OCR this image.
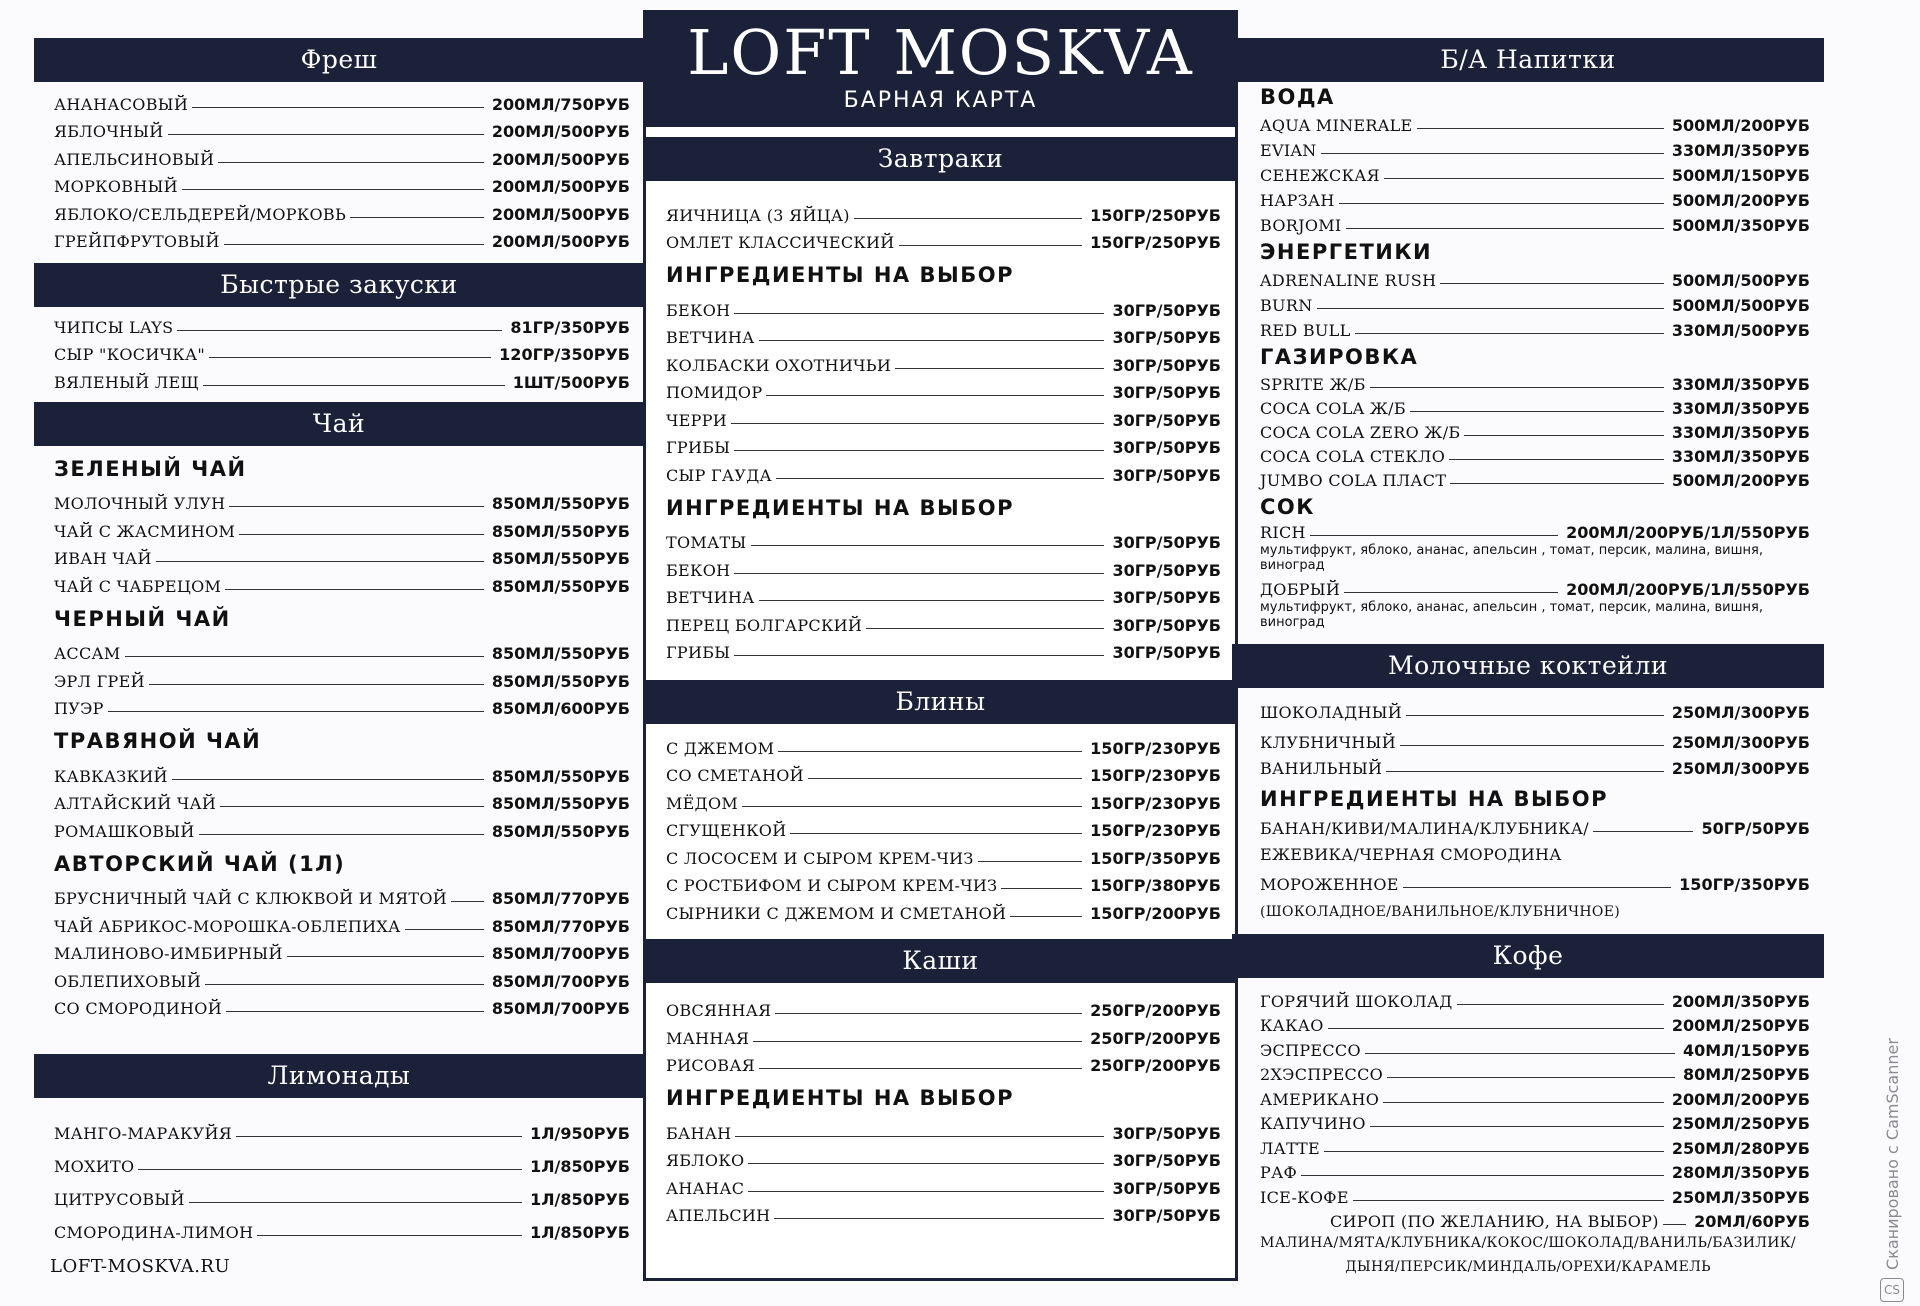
Фреш
АНАНАСОВЫЙ	200МЛ/750РУБ
ЯБЛОЧНЫЙ	200МЛ/500РУБ
АПЕЛЬСИНОВЫЙ	200МЛ/500РУБ
МОРКОВНЫЙ	200МЛ/500РУБ
ЯБЛОКО/СЕЛЬДЕРЕЙ/МОРКОВЬ	200МЛ/500РУБ
ГРЕЙПФРУТОВЫЙ	200МЛ/500РУБ
Быстрые закуски
ЧИПСЫ LAYS	81ГР/350РУБ
СЫР "КОСИЧКА"	120ГР/350РУБ
ВЯЛЕНЫЙ ЛЕЩ	1ШТ/500РУБ
Чай
ЗЕЛЕНЫЙ ЧАЙ
МОЛОЧНЫЙ УЛУН	850МЛ/550РУБ
ЧАЙ С ЖАСМИНОМ	850МЛ/550РУБ
ИВАН ЧАЙ	850МЛ/550РУБ
ЧАЙ С ЧАБРЕЦОМ	850МЛ/550РУБ
ЧЕРНЫЙ ЧАЙ
АССАМ	850МЛ/550РУБ
ЭРЛ ГРЕЙ	850МЛ/550РУБ
ПУЭР	850МЛ/600РУБ
ТРАВЯНОЙ ЧАЙ
КАВКАЗКИЙ	850МЛ/550РУБ
АЛТАЙСКИЙ ЧАЙ	850МЛ/550РУБ
РОМАШКОВЫЙ	850МЛ/550РУБ
АВТОРСКИЙ ЧАЙ (1Л)
БРУСНИЧНЫЙ ЧАЙ С КЛЮКВОЙ И МЯТОЙ	850МЛ/770РУБ
ЧАЙ АБРИКОС-МОРОШКА-ОБЛЕПИХА	850МЛ/770РУБ
МАЛИНОВО-ИМБИРНЫЙ	850МЛ/700РУБ
ОБЛЕПИХОВЫЙ	850МЛ/700РУБ
СО СМОРОДИНОЙ	850МЛ/700РУБ
Лимонады
МАНГО-МАРАКУЙЯ	1Л/950РУБ
МОХИТО	1Л/850РУБ
ЦИТРУСОВЫЙ	1Л/850РУБ
СМОРОДИНА-ЛИМОН	1Л/850РУБ
LOFT-MOSKVA.RU
LOFT MOSKVA
БАРНАЯ КАРТА
Завтраки
ЯИЧНИЦА (3 ЯЙЦА)	150ГР/250РУБ
ОМЛЕТ КЛАССИЧЕСКИЙ	150ГР/250РУБ
ИНГРЕДИЕНТЫ НА ВЫБОР
БЕКОН	30ГР/50РУБ
ВЕТЧИНА	30ГР/50РУБ
КОЛБАСКИ ОХОТНИЧЬИ	30ГР/50РУБ
ПОМИДОР	30ГР/50РУБ
ЧЕРРИ	30ГР/50РУБ
ГРИБЫ	30ГР/50РУБ
СЫР ГАУДА	30ГР/50РУБ
ИНГРЕДИЕНТЫ НА ВЫБОР
ТОМАТЫ	30ГР/50РУБ
БЕКОН	30ГР/50РУБ
ВЕТЧИНА	30ГР/50РУБ
ПЕРЕЦ БОЛГАРСКИЙ	30ГР/50РУБ
ГРИБЫ	30ГР/50РУБ
Блины
С ДЖЕМОМ	150ГР/230РУБ
СО СМЕТАНОЙ	150ГР/230РУБ
МЁДОМ	150ГР/230РУБ
СГУЩЕНКОЙ	150ГР/230РУБ
С ЛОСОСЕМ И СЫРОМ КРЕМ-ЧИЗ	150ГР/350РУБ
С РОСТБИФОМ И СЫРОМ КРЕМ-ЧИЗ	150ГР/380РУБ
СЫРНИКИ С ДЖЕМОМ И СМЕТАНОЙ	150ГР/200РУБ
Каши
ОВСЯННАЯ	250ГР/200РУБ
МАННАЯ	250ГР/200РУБ
РИСОВАЯ	250ГР/200РУБ
ИНГРЕДИЕНТЫ НА ВЫБОР
БАНАН	30ГР/50РУБ
ЯБЛОКО	30ГР/50РУБ
АНАНАС	30ГР/50РУБ
АПЕЛЬСИН	30ГР/50РУБ
Б/А Напитки
ВОДА
AQUA MINERALE	500МЛ/200РУБ
EVIAN	330МЛ/350РУБ
СЕНЕЖСКАЯ	500МЛ/150РУБ
НАРЗАН	500МЛ/200РУБ
BORJOMI	500МЛ/350РУБ
ЭНЕРГЕТИКИ
ADRENALINE RUSH	500МЛ/500РУБ
BURN	500МЛ/500РУБ
RED BULL	330МЛ/500РУБ
ГАЗИРОВКА
SPRITE Ж/Б	330МЛ/350РУБ
COCA COLA Ж/Б	330МЛ/350РУБ
COCA COLA ZERO Ж/Б	330МЛ/350РУБ
COCA COLA СТЕКЛО	330МЛ/350РУБ
JUMBO COLA ПЛАСТ	500МЛ/200РУБ
СОК
RICH	200МЛ/200РУБ/1Л/550РУБ
мультифрукт, яблоко, ананас, апельсин , томат, персик, малина, вишня, виноград
ДОБРЫЙ	200МЛ/200РУБ/1Л/550РУБ
мультифрукт, яблоко, ананас, апельсин , томат, персик, малина, вишня, виноград
Молочные коктейли
ШОКОЛАДНЫЙ	250МЛ/300РУБ
КЛУБНИЧНЫЙ	250МЛ/300РУБ
ВАНИЛЬНЫЙ	250МЛ/300РУБ
ИНГРЕДИЕНТЫ НА ВЫБОР
БАНАН/КИВИ/МАЛИНА/КЛУБНИКА/	50ГР/50РУБ
ЕЖЕВИКА/ЧЕРНАЯ СМОРОДИНА
МОРОЖЕННОЕ	150ГР/350РУБ
(ШОКОЛАДНОЕ/ВАНИЛЬНОЕ/КЛУБНИЧНОЕ)
Кофе
ГОРЯЧИЙ ШОКОЛАД	200МЛ/350РУБ
КАКАО	200МЛ/250РУБ
ЭСПРЕССО	40МЛ/150РУБ
2ХЭСПРЕССО	80МЛ/250РУБ
АМЕРИКАНО	200МЛ/200РУБ
КАПУЧИНО	250МЛ/250РУБ
ЛАТТЕ	250МЛ/280РУБ
РАФ	280МЛ/350РУБ
ICE-КОФЕ	250МЛ/350РУБ
СИРОП (ПО ЖЕЛАНИЮ, НА ВЫБОР) 20МЛ/60РУБ
МАЛИНА/МЯТА/КЛУБНИКА/КОКОС/ШОКОЛАД/ВАНИЛЬ/БАЗИЛИК/
ДЫНЯ/ПЕРСИК/МИНДАЛЬ/ОРЕХИ/КАРАМЕЛЬ
CS
Сканировано с CamScanner
